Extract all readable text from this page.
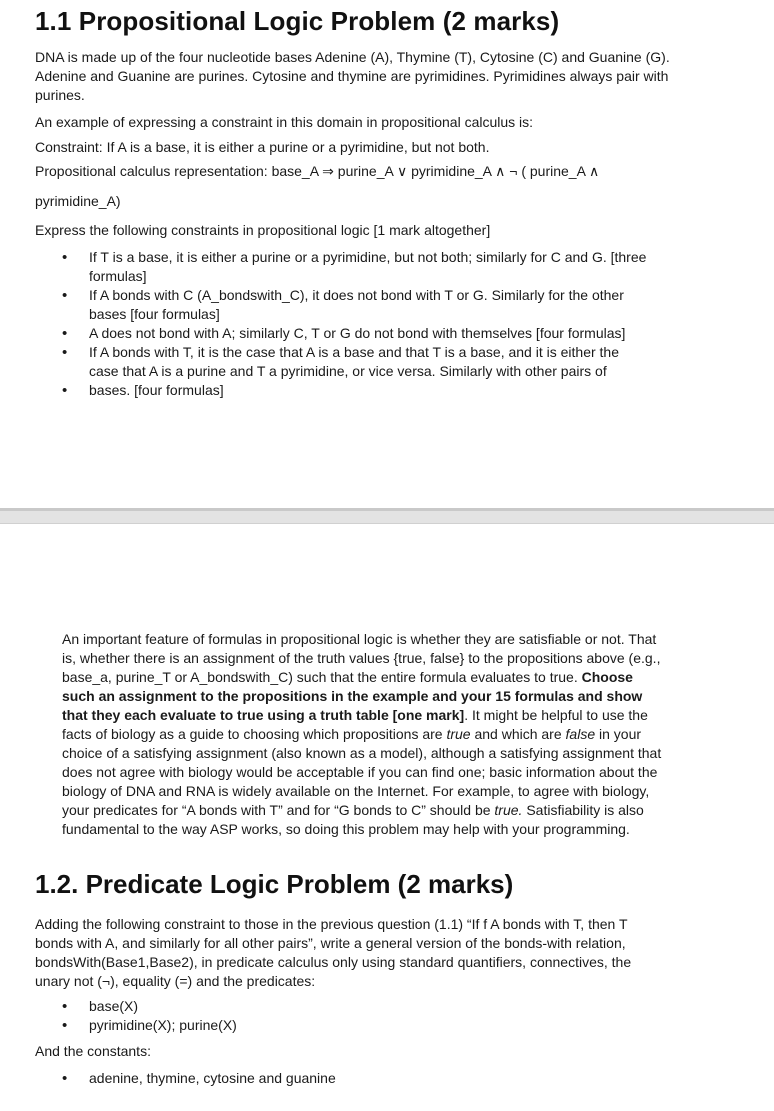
1.1 Propositional Logic Problem (2 marks)

DNA is made up of the four nucleotide bases Adenine (A), Thymine (T), Cytosine (C) and Guanine (G). Adenine and Guanine are purines. Cytosine and thymine are pyrimidines. Pyrimidines always pair with purines.

An example of expressing a constraint in this domain in propositional calculus is:

Constraint: If A is a base, it is either a purine or a pyrimidine, but not both.

Propositional calculus representation: base_A ⇒ purine_A ∨ pyrimidine_A ∧ ¬ ( purine_A ∧

pyrimidine_A)

Express the following constraints in propositional logic [1 mark altogether]

• If T is a base, it is either a purine or a pyrimidine, but not both; similarly for C and G. [three formulas]
• If A bonds with C (A_bondswith_C), it does not bond with T or G. Similarly for the other bases [four formulas]
• A does not bond with A; similarly C, T or G do not bond with themselves [four formulas]
• If A bonds with T, it is the case that A is a base and that T is a base, and it is either the case that A is a purine and T a pyrimidine, or vice versa. Similarly with other pairs of
• bases. [four formulas]

An important feature of formulas in propositional logic is whether they are satisfiable or not. That is, whether there is an assignment of the truth values {true, false} to the propositions above (e.g., base_a, purine_T or A_bondswith_C) such that the entire formula evaluates to true. Choose such an assignment to the propositions in the example and your 15 formulas and show that they each evaluate to true using a truth table [one mark]. It might be helpful to use the facts of biology as a guide to choosing which propositions are true and which are false in your choice of a satisfying assignment (also known as a model), although a satisfying assignment that does not agree with biology would be acceptable if you can find one; basic information about the biology of DNA and RNA is widely available on the Internet. For example, to agree with biology, your predicates for “A bonds with T” and for “G bonds to C” should be true. Satisfiability is also fundamental to the way ASP works, so doing this problem may help with your programming.

1.2. Predicate Logic Problem (2 marks)

Adding the following constraint to those in the previous question (1.1) “If f A bonds with T, then T bonds with A, and similarly for all other pairs”, write a general version of the bonds-with relation, bondsWith(Base1,Base2), in predicate calculus only using standard quantifiers, connectives, the unary not (¬), equality (=) and the predicates:

• base(X)
• pyrimidine(X); purine(X)

And the constants:

• adenine, thymine, cytosine and guanine
